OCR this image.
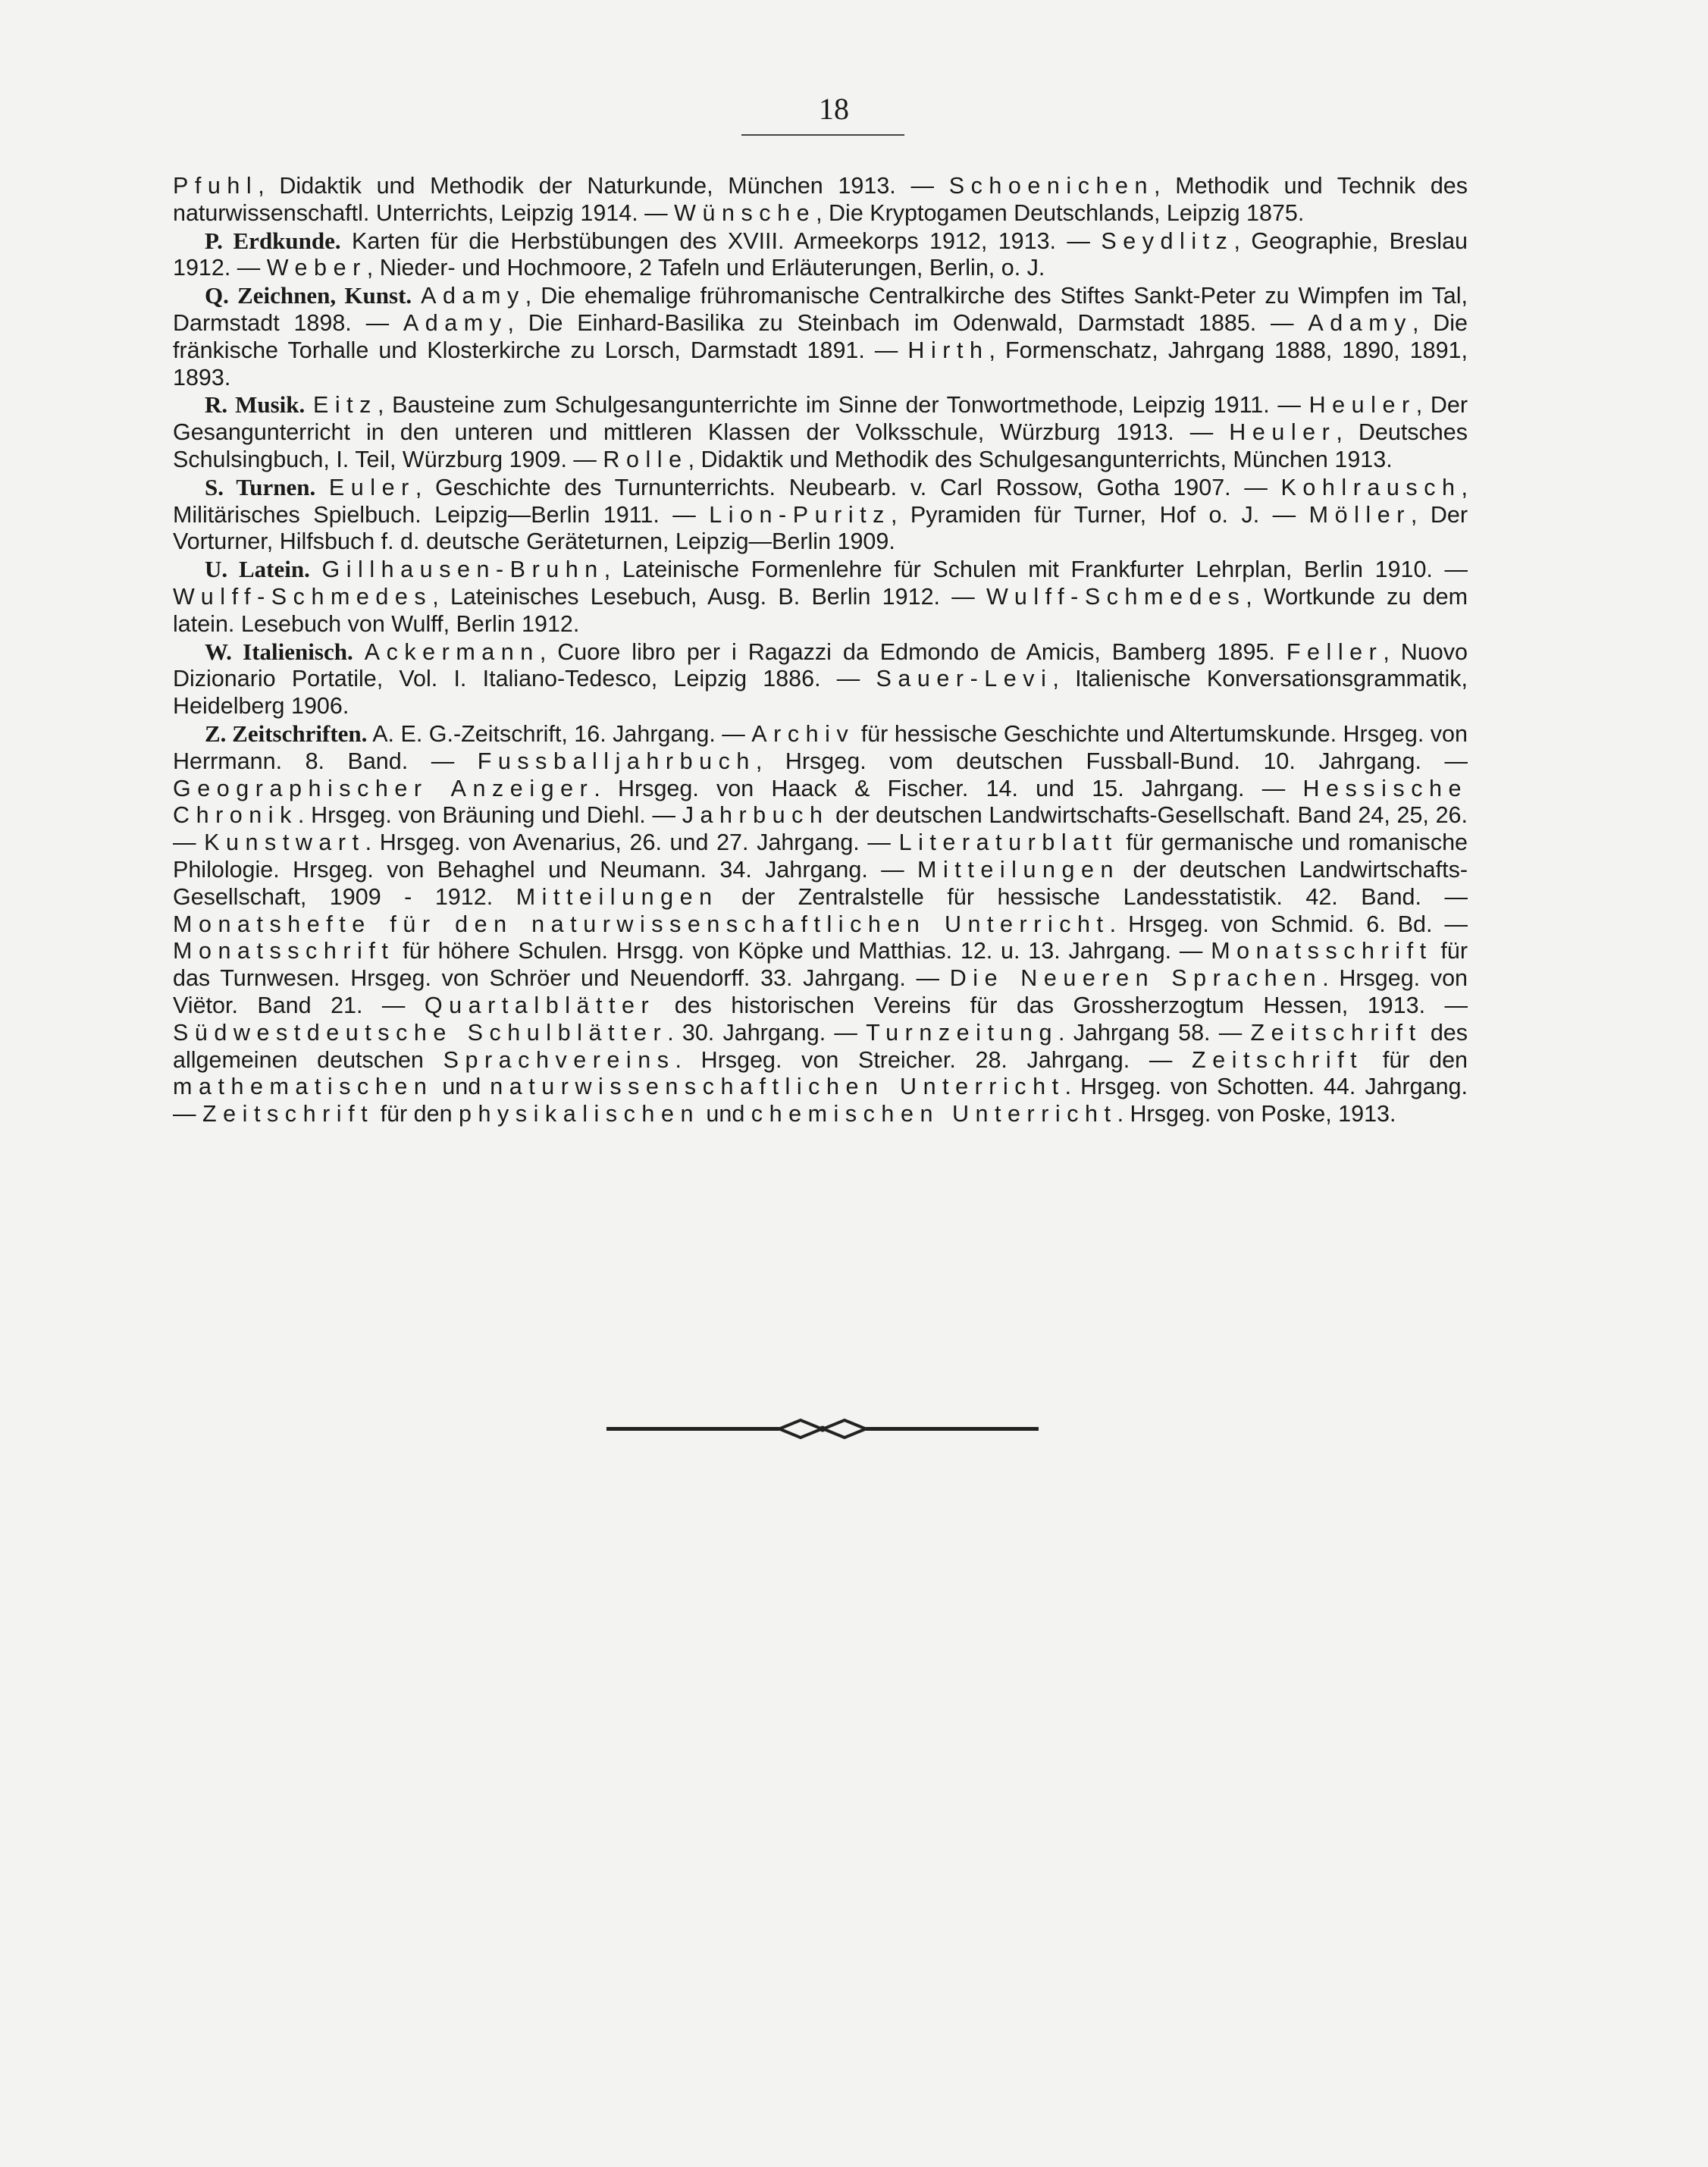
18

Pfuhl, Didaktik und Methodik der Naturkunde, München 1913. — Schoenichen, Methodik und Technik des naturwissenschaftl. Unterrichts, Leipzig 1914. — Wünsche, Die Kryptogamen Deutschlands, Leipzig 1875.

P. Erdkunde. Karten für die Herbstübungen des XVIII. Armeekorps 1912, 1913. — Seydlitz, Geographie, Breslau 1912. — Weber, Nieder- und Hochmoore, 2 Tafeln und Erläuterungen, Berlin, o. J.

Q. Zeichnen, Kunst. Adamy, Die ehemalige frühromanische Centralkirche des Stiftes Sankt-Peter zu Wimpfen im Tal, Darmstadt 1898. — Adamy, Die Einhard-Basilika zu Steinbach im Odenwald, Darmstadt 1885. — Adamy, Die fränkische Torhalle und Klosterkirche zu Lorsch, Darmstadt 1891. — Hirth, Formenschatz, Jahrgang 1888, 1890, 1891, 1893.

R. Musik. Eitz, Bausteine zum Schulgesangunterrichte im Sinne der Tonwortmethode, Leipzig 1911. — Heuler, Der Gesangunterricht in den unteren und mittleren Klassen der Volksschule, Würzburg 1913. — Heuler, Deutsches Schulsingbuch, I. Teil, Würzburg 1909. — Rolle, Didaktik und Methodik des Schulgesangunterrichts, München 1913.

S. Turnen. Euler, Geschichte des Turnunterrichts. Neubearb. v. Carl Rossow, Gotha 1907. — Kohlrausch, Militärisches Spielbuch. Leipzig—Berlin 1911. — Lion-Puritz, Pyramiden für Turner, Hof o. J. — Möller, Der Vorturner, Hilfsbuch f. d. deutsche Geräteturnen, Leipzig—Berlin 1909.

U. Latein. Gillhausen-Bruhn, Lateinische Formenlehre für Schulen mit Frankfurter Lehrplan, Berlin 1910. — Wulff-Schmedes, Lateinisches Lesebuch, Ausg. B. Berlin 1912. — Wulff-Schmedes, Wortkunde zu dem latein. Lesebuch von Wulff, Berlin 1912.

W. Italienisch. Ackermann, Cuore libro per i Ragazzi da Edmondo de Amicis, Bamberg 1895. Feller, Nuovo Dizionario Portatile, Vol. I. Italiano-Tedesco, Leipzig 1886. — Sauer-Levi, Italienische Konversationsgrammatik, Heidelberg 1906.

Z. Zeitschriften. A. E. G.-Zeitschrift, 16. Jahrgang. — Archiv für hessische Geschichte und Altertumskunde. Hrsgeg. von Herrmann. 8. Band. — Fussballjahrbuch, Hrsgeg. vom deutschen Fussball-Bund. 10. Jahrgang. — Geographischer Anzeiger. Hrsgeg. von Haack & Fischer. 14. und 15. Jahrgang. — Hessische Chronik. Hrsgeg. von Bräuning und Diehl. — Jahrbuch der deutschen Landwirtschafts-Gesellschaft. Band 24, 25, 26. — Kunstwart. Hrsgeg. von Avenarius, 26. und 27. Jahrgang. — Literaturblatt für germanische und romanische Philologie. Hrsgeg. von Behaghel und Neumann. 34. Jahrgang. — Mitteilungen der deutschen Landwirtschafts-Gesellschaft, 1909 - 1912. Mitteilungen der Zentralstelle für hessische Landesstatistik. 42. Band. — Monatshefte für den naturwissenschaftlichen Unterricht. Hrsgeg. von Schmid. 6. Bd. — Monatsschrift für höhere Schulen. Hrsgg. von Köpke und Matthias. 12. u. 13. Jahrgang. — Monatsschrift für das Turnwesen. Hrsgeg. von Schröer und Neuendorff. 33. Jahrgang. — Die Neueren Sprachen. Hrsgeg. von Viëtor. Band 21. — Quartalblätter des historischen Vereins für das Grossherzogtum Hessen, 1913. — Südwestdeutsche Schulblätter. 30. Jahrgang. — Turnzeitung. Jahrgang 58. — Zeitschrift des allgemeinen deutschen Sprachvereins. Hrsgeg. von Streicher. 28. Jahrgang. — Zeitschrift für den mathematischen und naturwissenschaftlichen Unterricht. Hrsgeg. von Schotten. 44. Jahrgang. — Zeitschrift für den physikalischen und chemischen Unterricht. Hrsgeg. von Poske, 1913.
